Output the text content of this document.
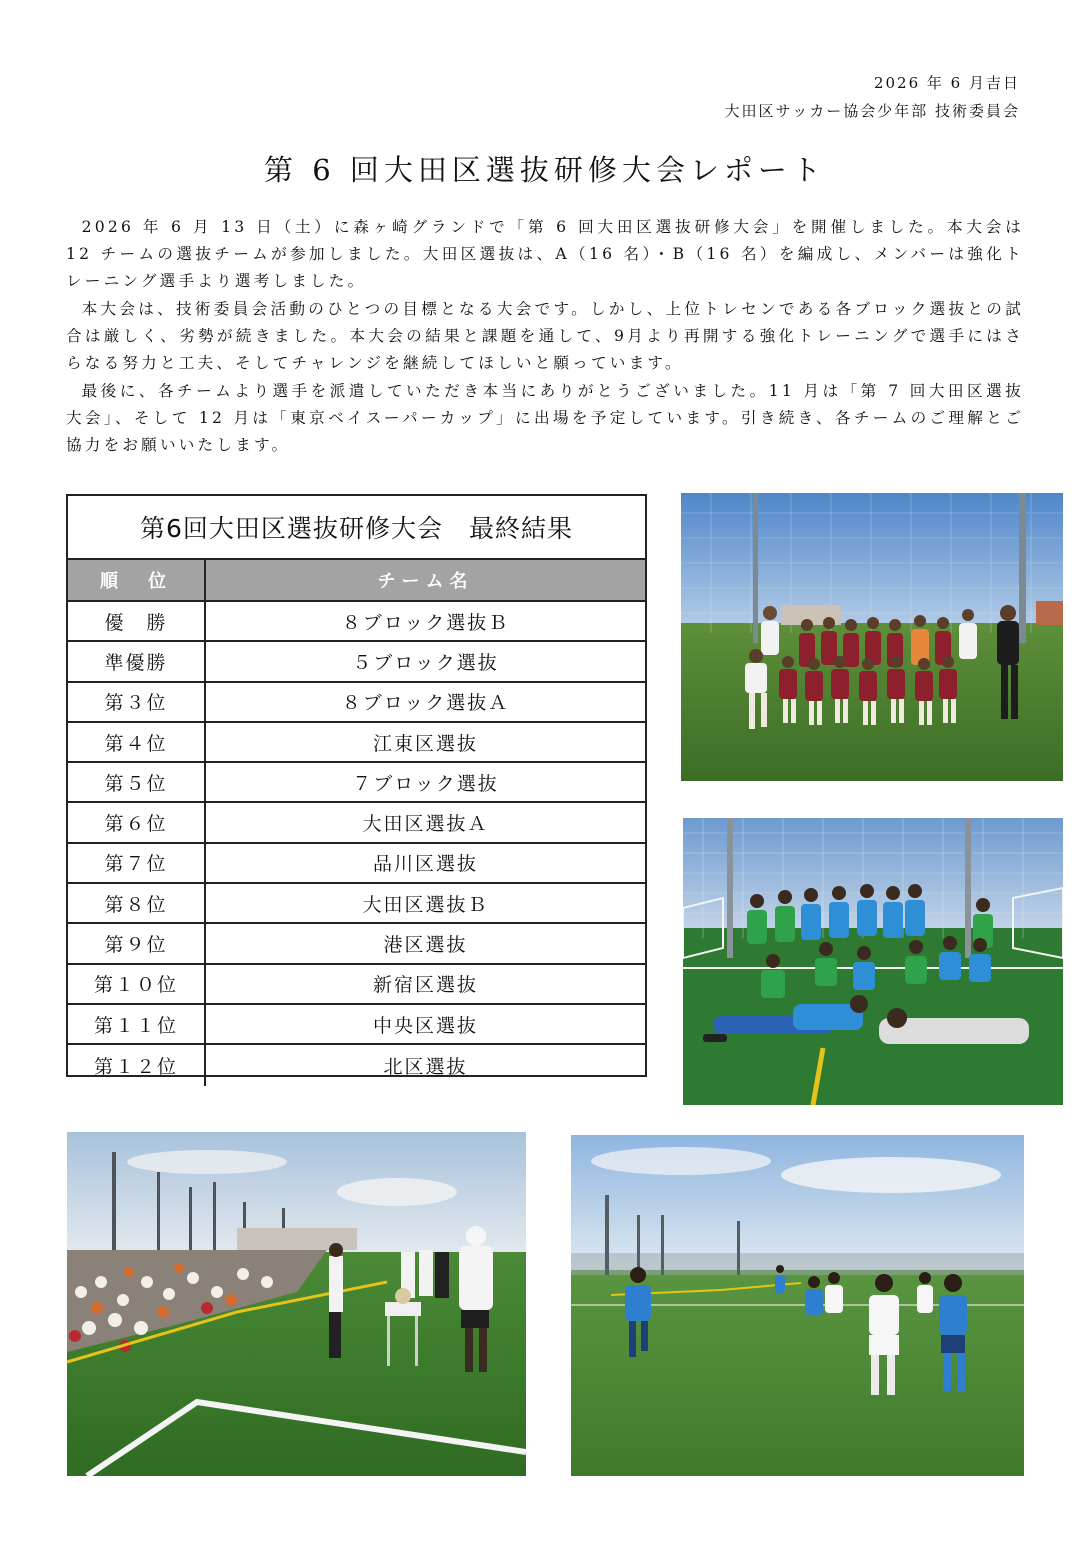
2026 年 6 月吉日
大田区サッカー協会少年部 技術委員会
第 6 回大田区選抜研修大会レポート

2026 年 6 月 13 日（土）に森ヶ崎グランドで「第 6 回大田区選抜研修大会」を開催しました。本大会は 12 チームの選抜チームが参加しました。大田区選抜は、A（16 名）・B（16 名）を編成し、メンバーは強化トレーニング選手より選考しました。

本大会は、技術委員会活動のひとつの目標となる大会です。しかし、上位トレセンである各ブロック選抜との試合は厳しく、劣勢が続きました。本大会の結果と課題を通して、9月より再開する強化トレーニングで選手にはさらなる努力と工夫、そしてチャレンジを継続してほしいと願っています。

最後に、各チームより選手を派遣していただき本当にありがとうございました。11 月は「第 7 回大田区選抜大会」、そして 12 月は「東京ベイスーパーカップ」に出場を予定しています。引き続き、各チームのご理解とご協力をお願いいたします。

第6回大田区選抜研修大会　最終結果
順　位	チーム名
優　勝	８ブロック選抜Ｂ
準優勝	５ブロック選抜
第３位	８ブロック選抜Ａ
第４位	江東区選抜
第５位	７ブロック選抜
第６位	大田区選抜Ａ
第７位	品川区選抜
第８位	大田区選抜Ｂ
第９位	港区選抜
第１０位	新宿区選抜
第１１位	中央区選抜
第１２位	北区選抜
